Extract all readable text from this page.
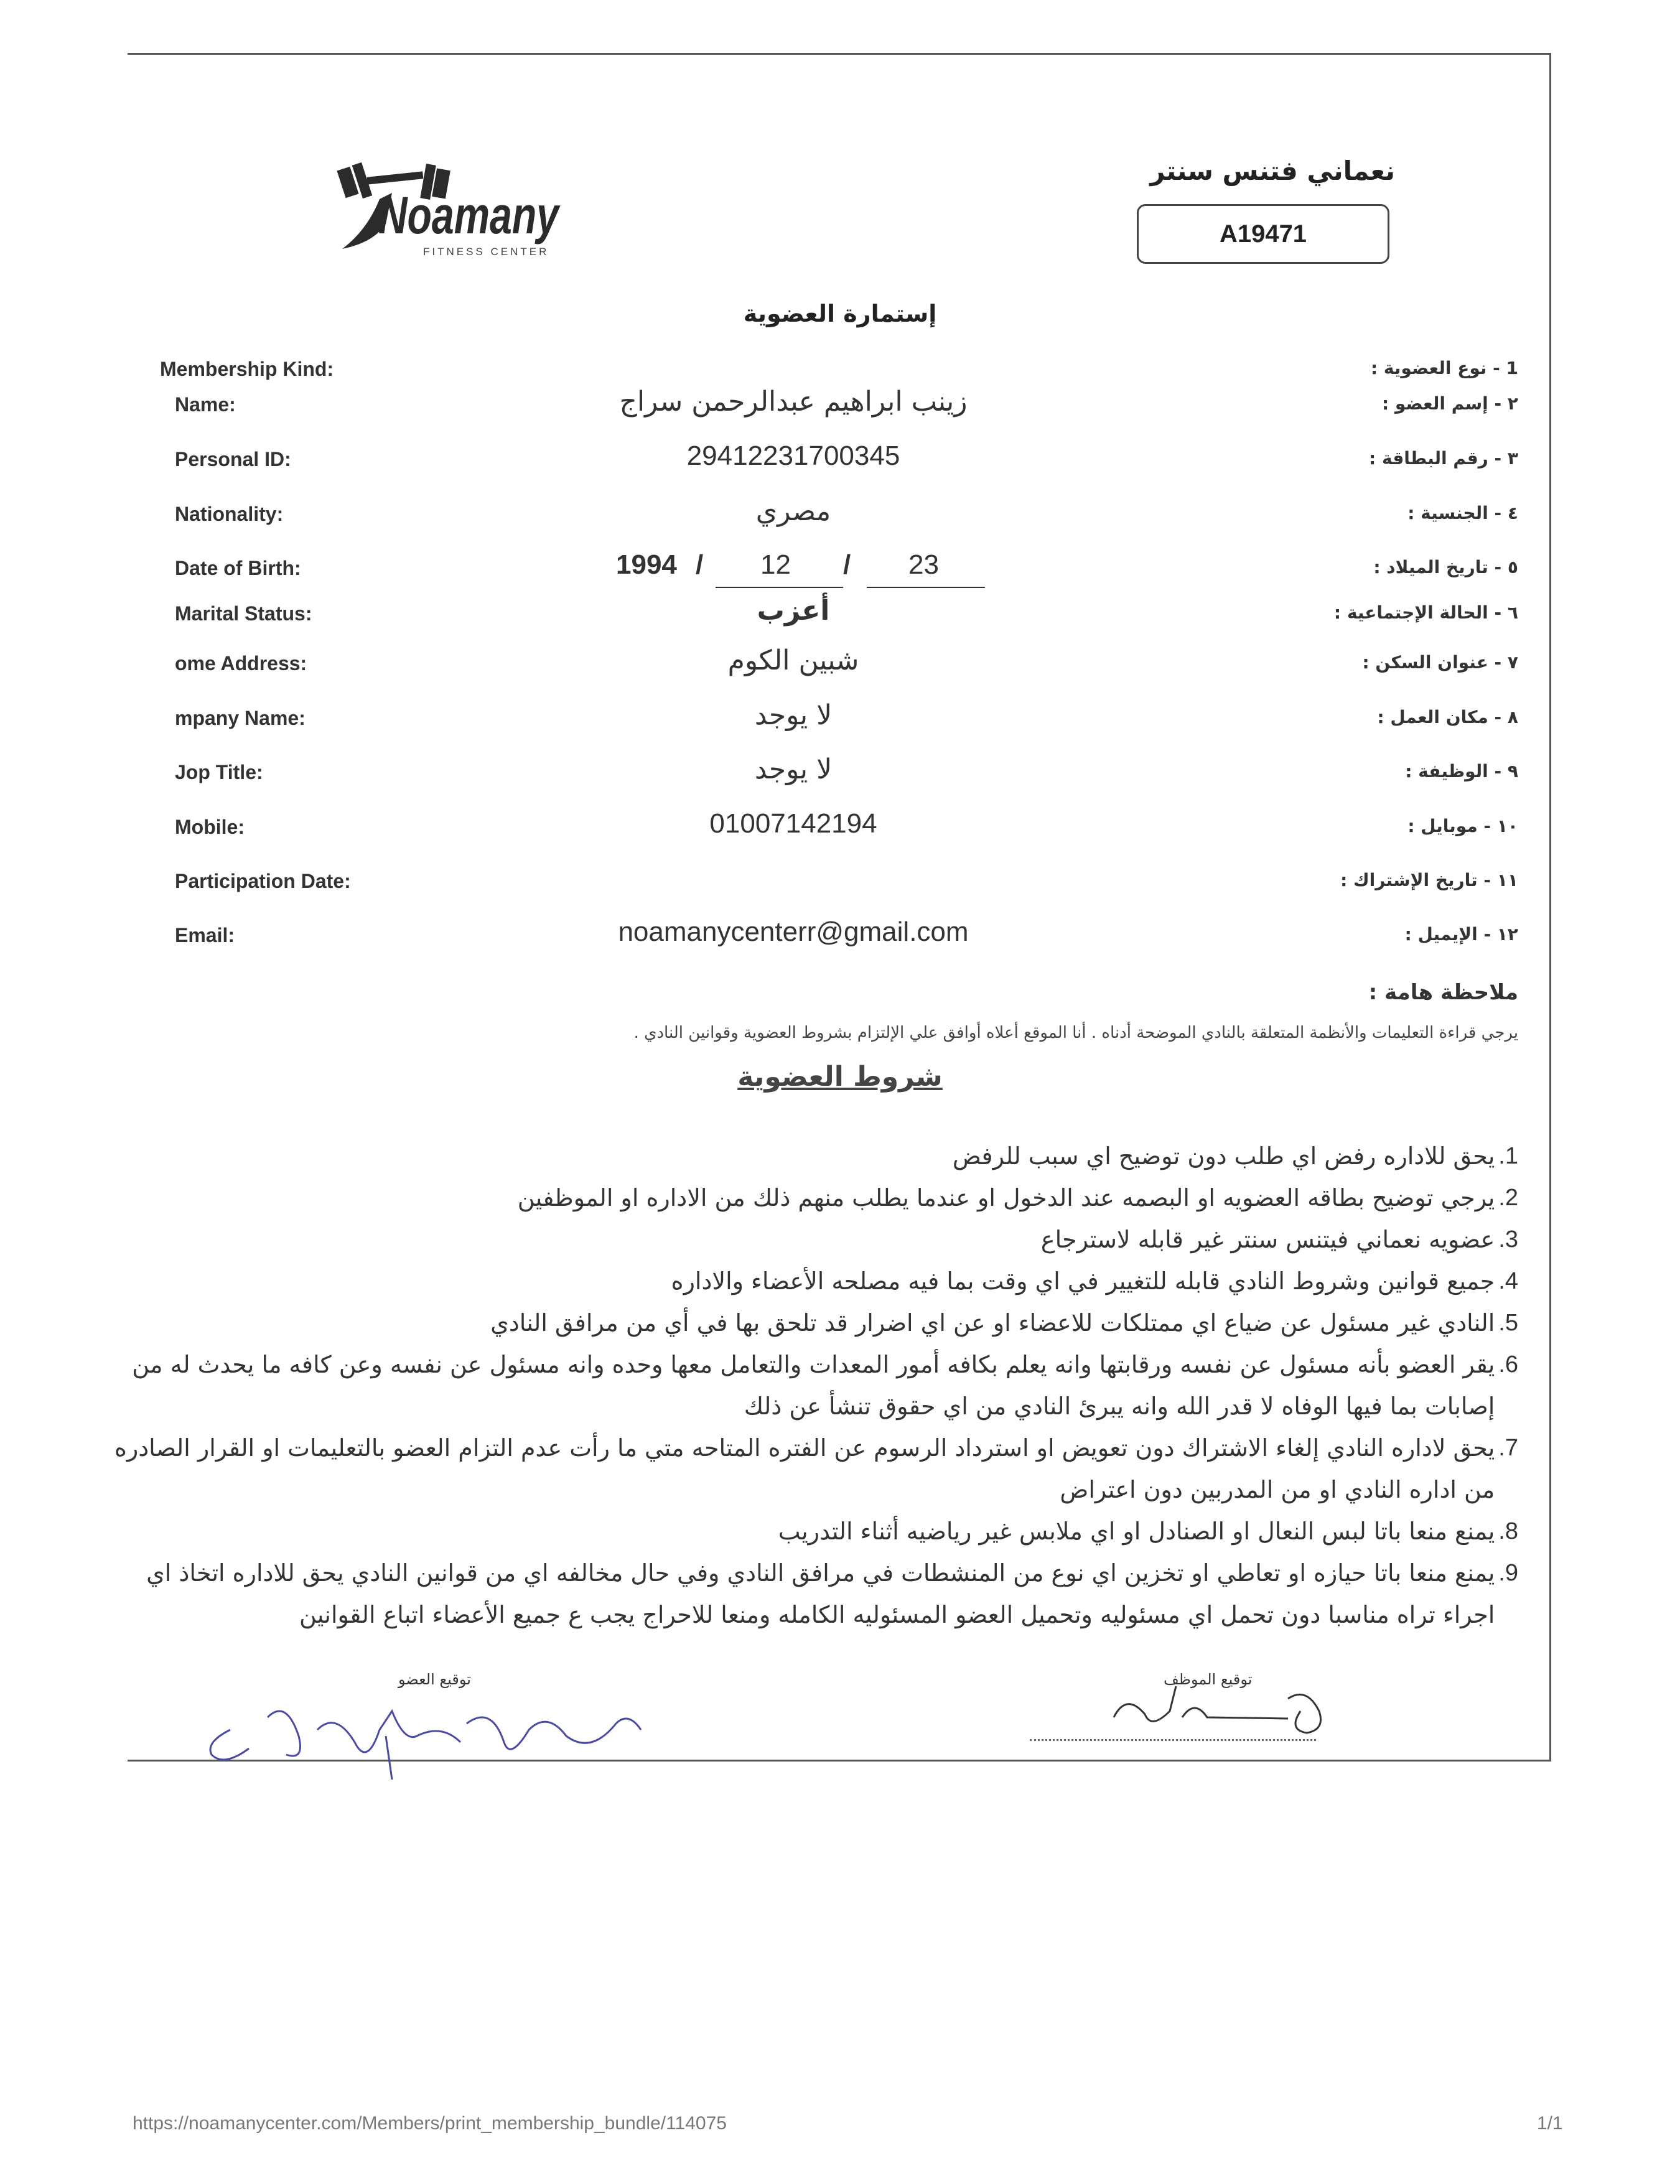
Noamany
FITNESS CENTER
نعماني فتنس سنتر
A19471
إستمارة العضوية
Membership Kind:	1 - نوع العضوية :
Name:	٢ - إسم العضو :
زينب ابراهيم عبدالرحمن سراج
Personal ID:	٣ - رقم البطاقة :
29412231700345
Nationality:	٤ - الجنسية :
مصري
Date of Birth:	٥ - تاريخ الميلاد :
1994 / 12 / 23
Marital Status:	٦ - الحالة الإجتماعية :
أعزب
ome Address:	٧ - عنوان السكن :
شبين الكوم
mpany Name:	٨ - مكان العمل :
لا يوجد
Jop Title:	٩ - الوظيفة :
لا يوجد
Mobile:	١٠ - موبايل :
01007142194
Participation Date:	١١ - تاريخ الإشتراك :
Email:	١٢ - الإيميل :
noamanycenterr@gmail.com
ملاحظة هامة :
يرجي قراءة التعليمات والأنظمة المتعلقة بالنادي الموضحة أدناه . أنا الموقع أعلاه أوافق علي الإلتزام بشروط العضوية وقوانين النادي .
شروط العضوية
1.
يحق للاداره رفض اي طلب دون توضيح اي سبب للرفض
2.
يرجي توضيح بطاقه العضويه او البصمه عند الدخول او عندما يطلب منهم ذلك من الاداره او الموظفين
3.
عضويه نعماني فيتنس سنتر غير قابله لاسترجاع
4.
جميع قوانين وشروط النادي قابله للتغيير في اي وقت بما فيه مصلحه الأعضاء والاداره
5.
النادي غير مسئول عن ضياع اي ممتلكات للاعضاء او عن اي اضرار قد تلحق بها في أي من مرافق النادي
6.
يقر العضو بأنه مسئول عن نفسه ورقابتها وانه يعلم بكافه أمور المعدات والتعامل معها وحده وانه مسئول عن نفسه وعن كافه ما يحدث له من إصابات بما فيها الوفاه لا قدر الله وانه يبرئ النادي من اي حقوق تنشأ عن ذلك
7.
يحق لاداره النادي إلغاء الاشتراك دون تعويض او استرداد الرسوم عن الفتره المتاحه متي ما رأت عدم التزام العضو بالتعليمات او القرار الصادره من اداره النادي او من المدربين دون اعتراض
8.
يمنع منعا باتا لبس النعال او الصنادل او اي ملابس غير رياضيه أثناء التدريب
9.
يمنع منعا باتا حيازه او تعاطي او تخزين اي نوع من المنشطات في مرافق النادي وفي حال مخالفه اي من قوانين النادي يحق للاداره اتخاذ اي اجراء تراه مناسبا دون تحمل اي مسئوليه وتحميل العضو المسئوليه الكامله ومنعا للاحراج يجب ع جميع الأعضاء اتباع القوانين
توقيع العضو	توقيع الموظف
https://noamanycenter.com/Members/print_membership_bundle/114075	1/1
